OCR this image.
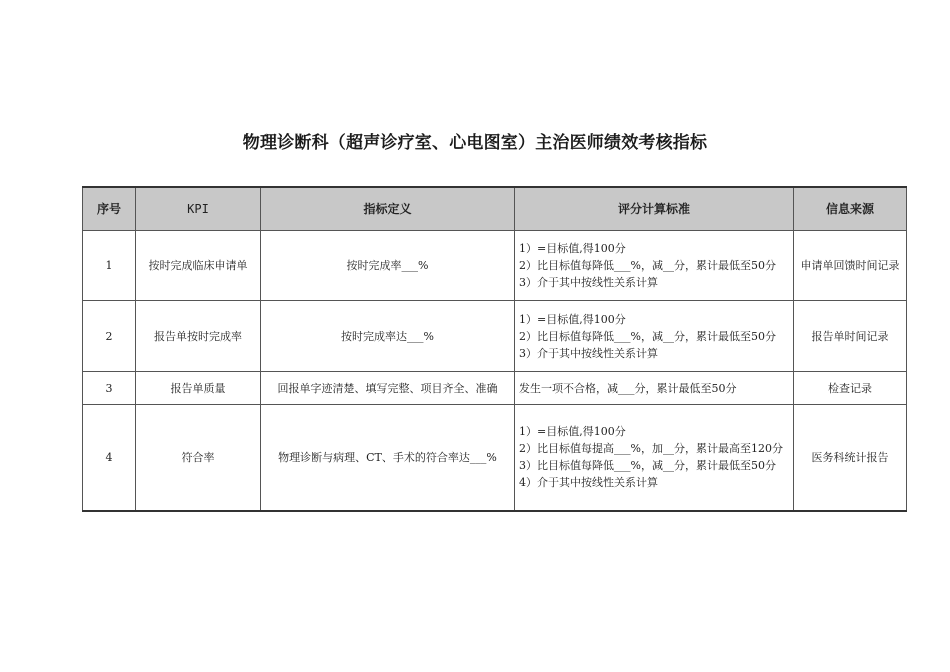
物理诊断科（超声诊疗室、心电图室）主治医师绩效考核指标
序号	KPI	指标定义	评分计算标准	信息来源
1	按时完成临床申请单	按时完成率___%	1）=目标值,得100分
2）比目标值每降低___%，减__分，累计最低至50分
3）介于其中按线性关系计算	申请单回馈时间记录
2	报告单按时完成率	按时完成率达___%	1）=目标值,得100分
2）比目标值每降低___%，减__分，累计最低至50分
3）介于其中按线性关系计算	报告单时间记录
3	报告单质量	回报单字迹清楚、填写完整、项目齐全、准确	发生一项不合格，减___分，累计最低至50分	检查记录
4	符合率	物理诊断与病理、CT、手术的符合率达___%	1）=目标值,得100分
2）比目标值每提高___%，加__分，累计最高至120分
3）比目标值每降低___%，减__分，累计最低至50分
4）介于其中按线性关系计算	医务科统计报告
